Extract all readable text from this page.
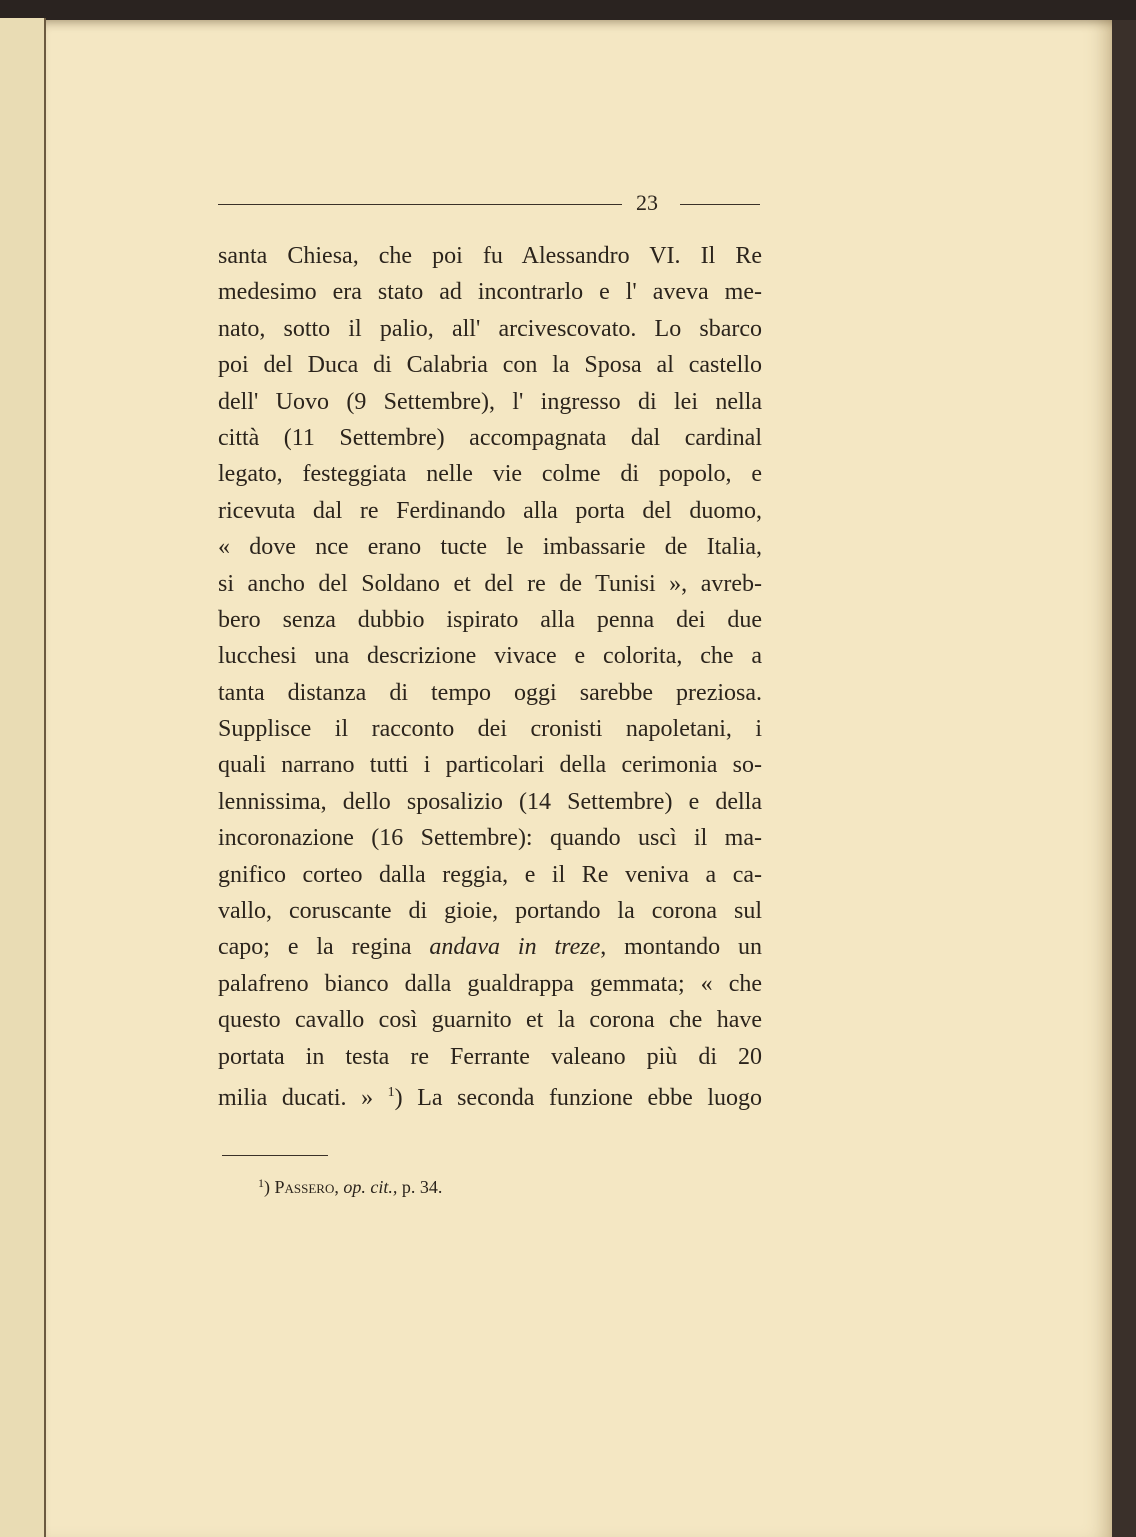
23
santa Chiesa, che poi fu Alessandro VI. Il Re
medesimo era stato ad incontrarlo e l' aveva me-
nato, sotto il palio, all' arcivescovato. Lo sbarco
poi del Duca di Calabria con la Sposa al castello
dell' Uovo (9 Settembre), l' ingresso di lei nella
città (11 Settembre) accompagnata dal cardinal
legato, festeggiata nelle vie colme di popolo, e
ricevuta dal re Ferdinando alla porta del duomo,
« dove nce erano tucte le imbassarie de Italia,
si ancho del Soldano et del re de Tunisi », avreb-
bero senza dubbio ispirato alla penna dei due
lucchesi una descrizione vivace e colorita, che a
tanta distanza di tempo oggi sarebbe preziosa.
Supplisce il racconto dei cronisti napoletani, i
quali narrano tutti i particolari della cerimonia so-
lennissima, dello sposalizio (14 Settembre) e della
incoronazione (16 Settembre): quando uscì il ma-
gnifico corteo dalla reggia, e il Re veniva a ca-
vallo, coruscante di gioie, portando la corona sul
capo; e la regina andava in treze, montando un
palafreno bianco dalla gualdrappa gemmata; « che
questo cavallo così guarnito et la corona che have
portata in testa re Ferrante valeano più di 20
milia ducati. » $^1$) La seconda funzione ebbe luogo
$^1$) Passero, op. cit., p. 34.
